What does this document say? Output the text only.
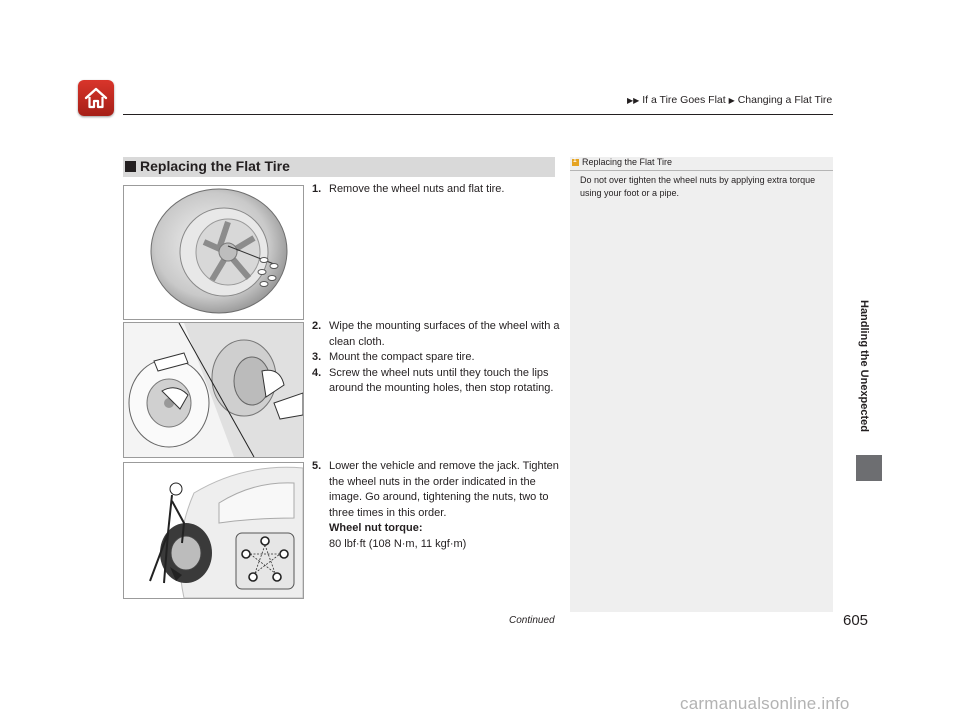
▶▶ If a Tire Goes Flat ▶ Changing a Flat Tire
Handling the Unexpected
Replacing the Flat Tire
1. Remove the wheel nuts and flat tire.
2. Wipe the mounting surfaces of the wheel with a clean cloth.
3. Mount the compact spare tire.
4. Screw the wheel nuts until they touch the lips around the mounting holes, then stop rotating.
5. Lower the vehicle and remove the jack. Tighten the wheel nuts in the order indicated in the image. Go around, tightening the nuts, two to three times in this order.
Wheel nut torque:
80 lbf·ft (108 N·m, 11 kgf·m)
1Replacing the Flat Tire
Do not over tighten the wheel nuts by applying extra torque using your foot or a pipe.
Continued	605
carmanualsonline.info
